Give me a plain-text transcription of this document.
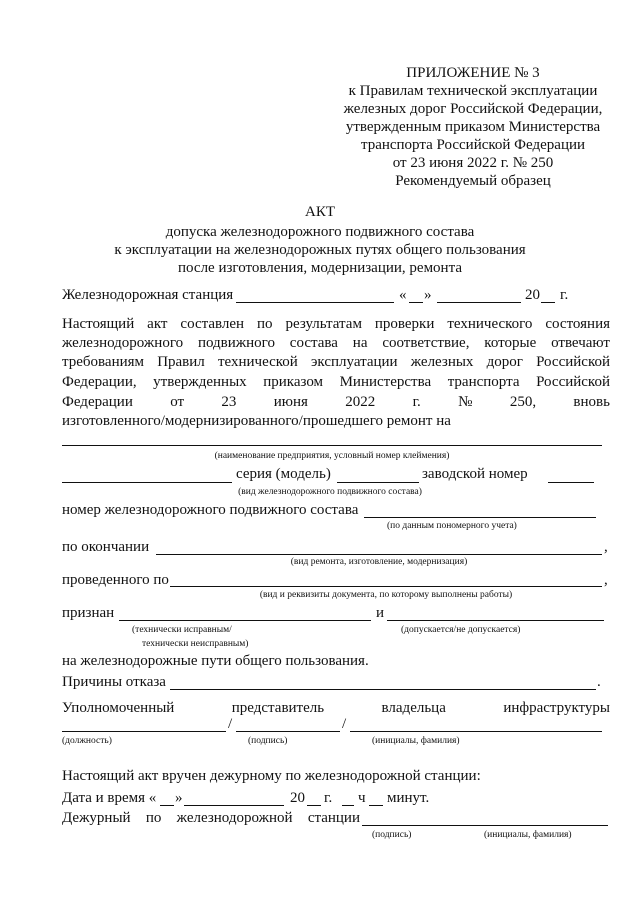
ПРИЛОЖЕНИЕ № 3
к Правилам технической эксплуатации
железных дорог Российской Федерации,
утвержденным приказом Министерства
транспорта Российской Федерации
от 23 июня 2022 г. № 250
Рекомендуемый образец
АКТ
допуска железнодорожного подвижного состава
к эксплуатации на железнодорожных путях общего пользования
после изготовления, модернизации, ремонта
Железнодорожная станция	« »	20 г.
Настоящий акт составлен по результатам проверки технического состояния
железнодорожного подвижного состава на соответствие, которые отвечают
требованиям Правил технической эксплуатации железных дорог Российской
Федерации, утвержденных приказом Министерства транспорта Российской
Федерации от 23 июня 2022 г. № 250, вновь
изготовленного/модернизированного/прошедшего ремонт на
(наименование предприятия, условный номер клеймения)
серия (модель)	заводской номер
(вид железнодорожного подвижного состава)
номер железнодорожного подвижного состава
(по данным пономерного учета)
по окончании	,
(вид ремонта, изготовление, модернизация)
проведенного по	,
(вид и реквизиты документа, по которому выполнены работы)
признан	и
(технически исправным/
технически неисправным)
(допускается/не допускается)
на железнодорожные пути общего пользования.
Причины отказа	.
Уполномоченный	представитель	владельца	инфраструктуры
/	/
(должность)	(подпись)	(инициалы, фамилия)
Настоящий акт вручен дежурному по железнодорожной станции:
Дата и время « »	20 г. ч минут.
Дежурный по железнодорожной станции
(подпись)	(инициалы, фамилия)
